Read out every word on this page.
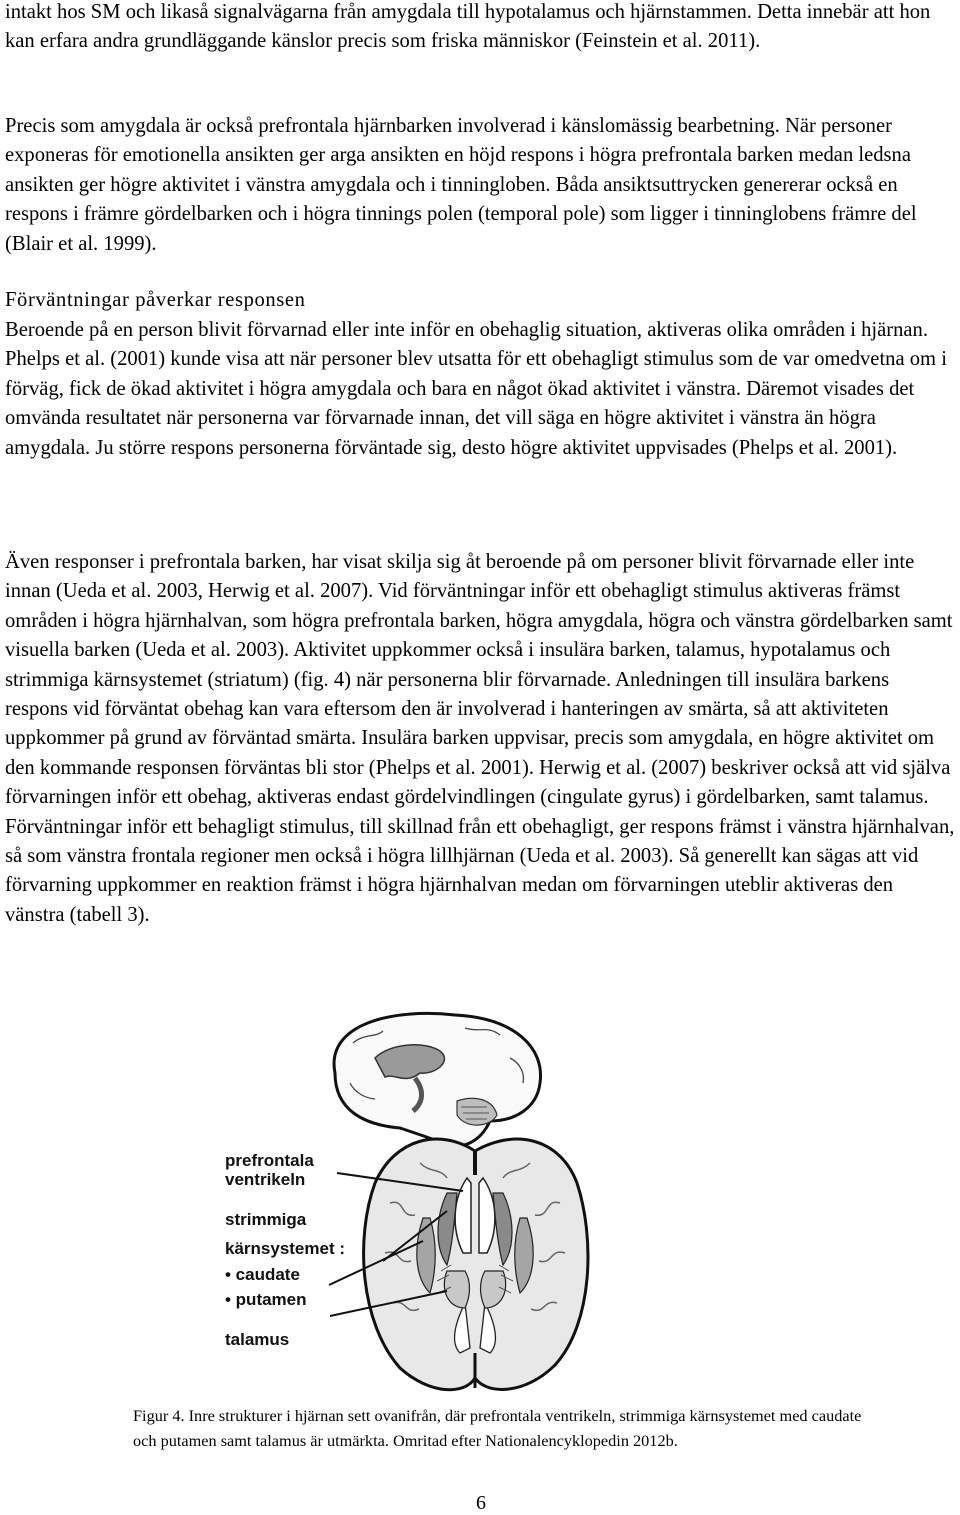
intakt hos SM och likaså signalvägarna från amygdala till hypotalamus och hjärnstammen. Detta innebär att hon kan erfara andra grundläggande känslor precis som friska människor (Feinstein et al. 2011).

Precis som amygdala är också prefrontala hjärnbarken involverad i känslomässig bearbetning. När personer exponeras för emotionella ansikten ger arga ansikten en höjd respons i högra prefrontala barken medan ledsna ansikten ger högre aktivitet i vänstra amygdala och i tinningloben. Båda ansiktsuttrycken genererar också en respons i främre gördelbarken och i högra tinnings polen (temporal pole) som ligger i tinninglobens främre del (Blair et al. 1999).

Förväntningar påverkar responsen

Beroende på en person blivit förvarnad eller inte inför en obehaglig situation, aktiveras olika områden i hjärnan. Phelps et al. (2001) kunde visa att när personer blev utsatta för ett obehagligt stimulus som de var omedvetna om i förväg, fick de ökad aktivitet i högra amygdala och bara en något ökad aktivitet i vänstra. Däremot visades det omvända resultatet när personerna var förvarnade innan, det vill säga en högre aktivitet i vänstra än högra amygdala. Ju större respons personerna förväntade sig, desto högre aktivitet uppvisades (Phelps et al. 2001).

Även responser i prefrontala barken, har visat skilja sig åt beroende på om personer blivit förvarnade eller inte innan (Ueda et al. 2003, Herwig et al. 2007). Vid förväntningar inför ett obehagligt stimulus aktiveras främst områden i högra hjärnhalvan, som högra prefrontala barken, högra amygdala, högra och vänstra gördelbarken samt visuella barken (Ueda et al. 2003). Aktivitet uppkommer också i insulära barken, talamus, hypotalamus och strimmiga kärnsystemet (striatum) (fig. 4) när personerna blir förvarnade. Anledningen till insulära barkens respons vid förväntat obehag kan vara eftersom den är involverad i hanteringen av smärta, så att aktiviteten uppkommer på grund av förväntad smärta. Insulära barken uppvisar, precis som amygdala, en högre aktivitet om den kommande responsen förväntas bli stor (Phelps et al. 2001). Herwig et al. (2007) beskriver också att vid själva förvarningen inför ett obehag, aktiveras endast gördelvindlingen (cingulate gyrus) i gördelbarken, samt talamus. Förväntningar inför ett behagligt stimulus, till skillnad från ett obehagligt, ger respons främst i vänstra hjärnhalvan, så som vänstra frontala regioner men också i högra lillhjärnan (Ueda et al. 2003). Så generellt kan sägas att vid förvarning uppkommer en reaktion främst i högra hjärnhalvan medan om förvarningen uteblir aktiveras den vänstra (tabell 3).

prefrontala
ventrikeln
strimmiga
kärnsystemet :
• caudate
• putamen
talamus

Figur 4. Inre strukturer i hjärnan sett ovanifrån, där prefrontala ventrikeln, strimmiga kärnsystemet med caudate och putamen samt talamus är utmärkta. Omritad efter Nationalencyklopedin 2012b.

6
